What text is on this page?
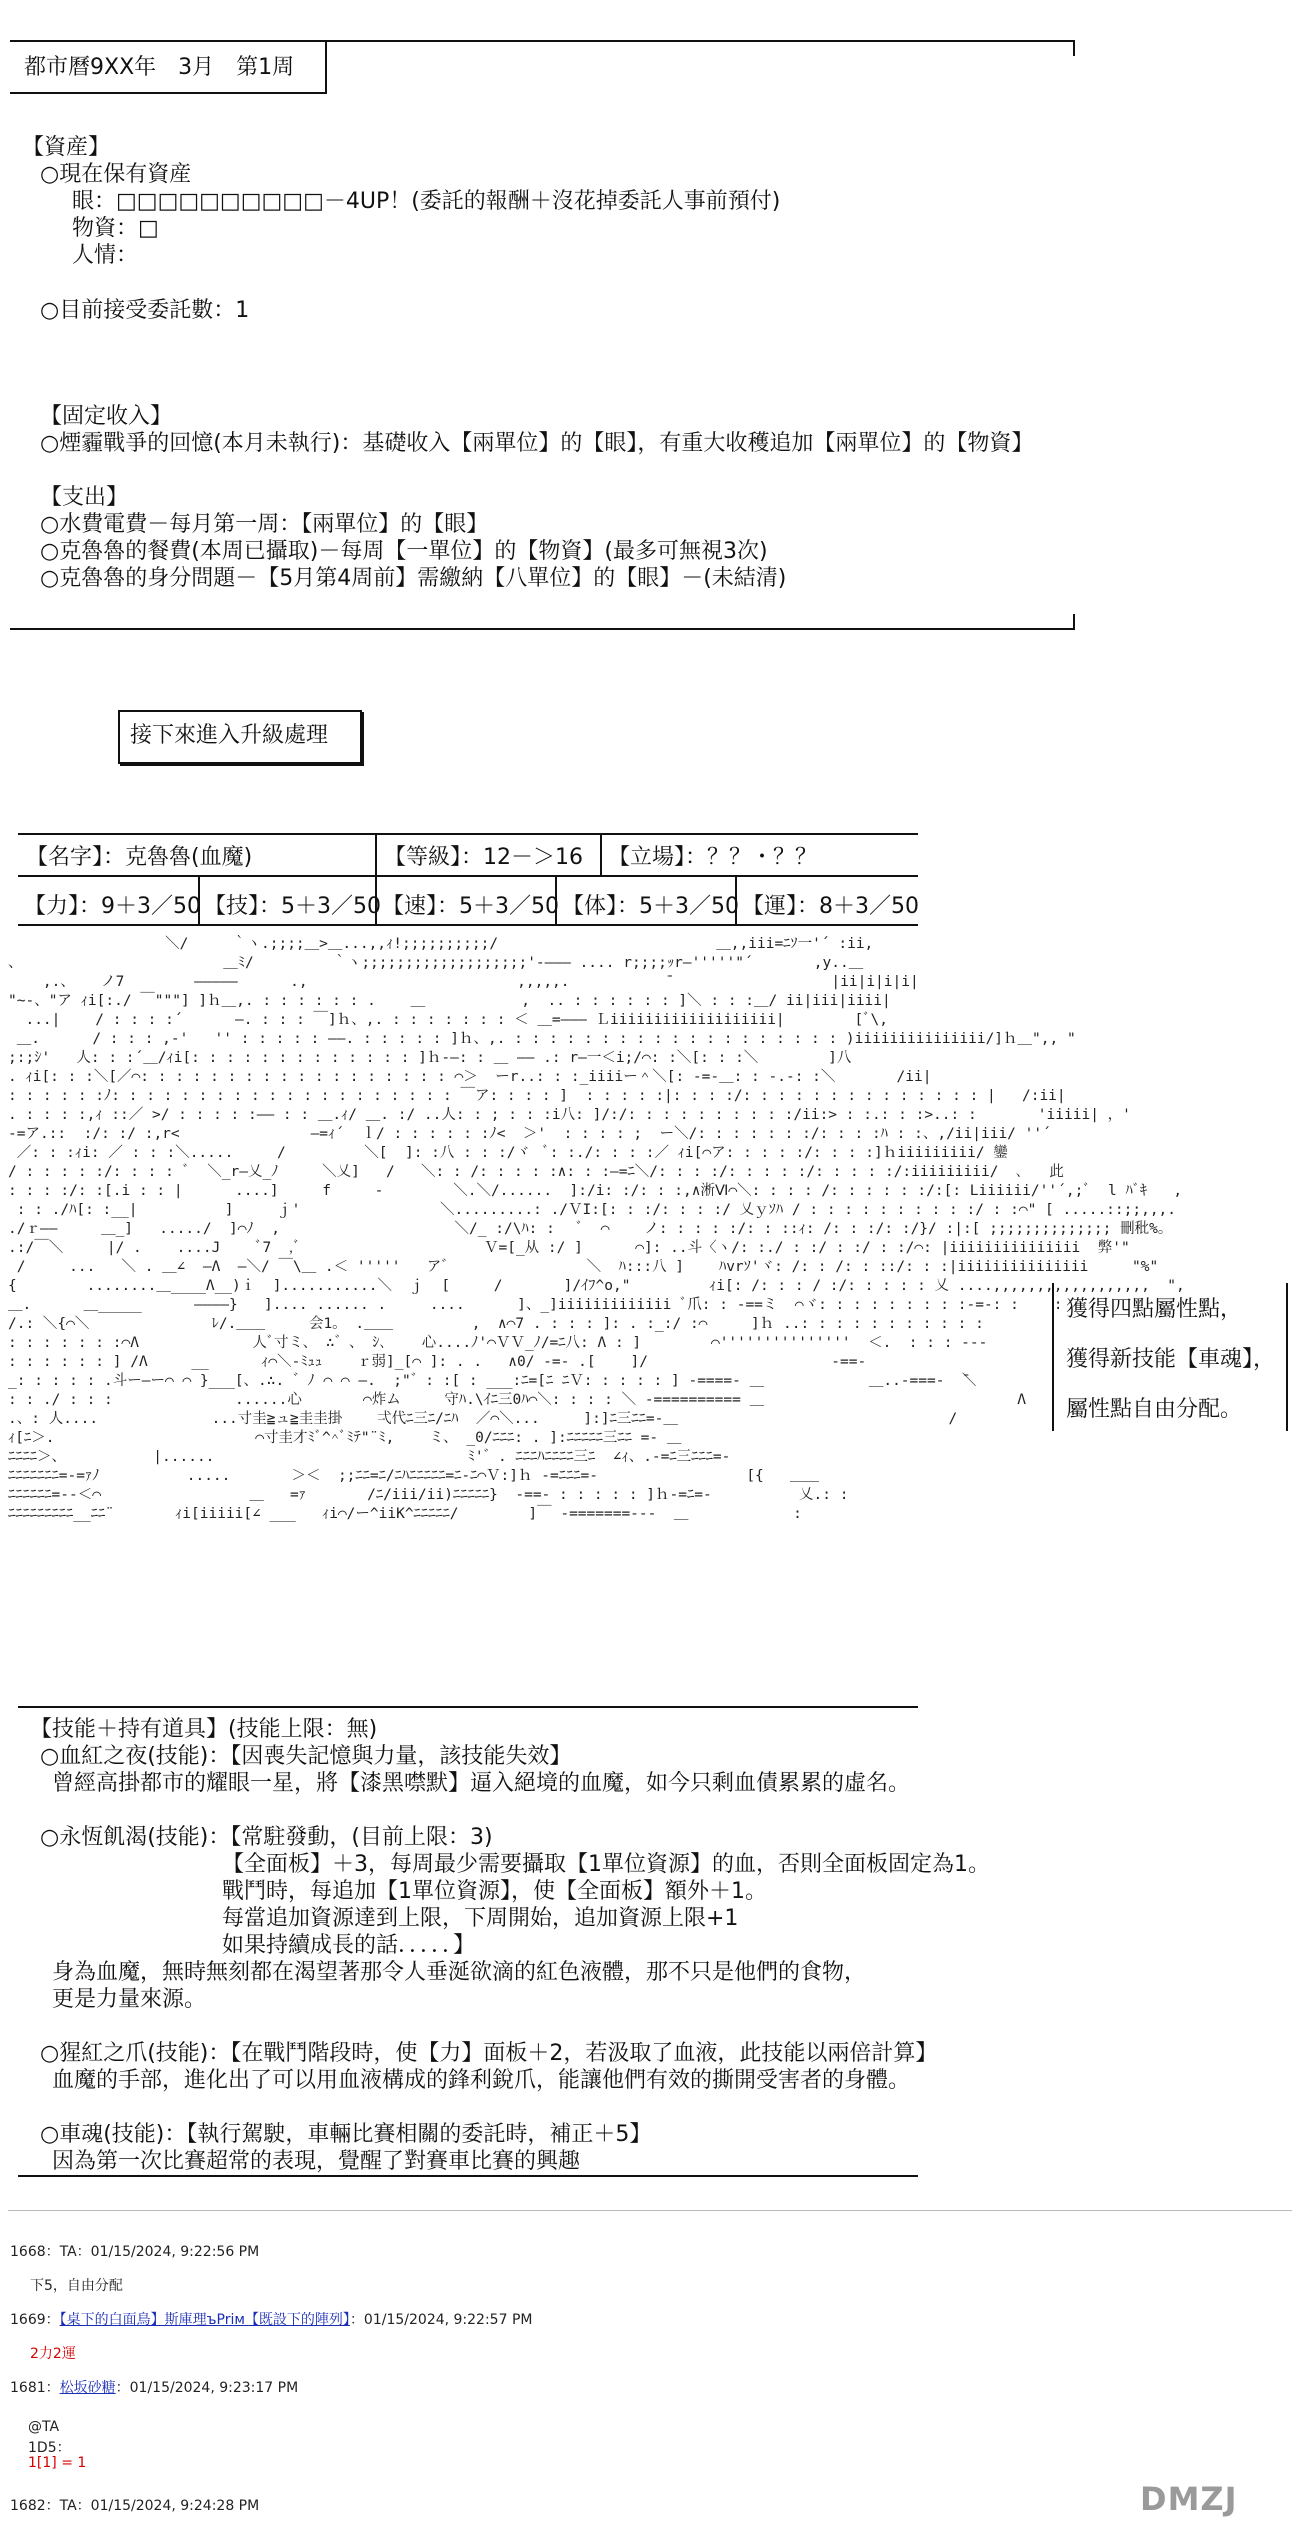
都市曆9XX年　3月　第1周
【資産】
○現在保有資産
眼：□□□□□□□□□□－4UP！(委託的報酬＋沒花掉委託人事前預付)
物資：□
人情：
○目前接受委託數：1
【固定收入】
○煙霾戰爭的回憶(本月未執行)：基礎收入【兩單位】的【眼】，有重大收穫追加【兩單位】的【物資】
【支出】
○水費電費－每月第一周：【兩單位】的【眼】
○克魯魯的餐費(本周已攝取)－每周【一單位】的【物資】(最多可無視3次)
○克魯魯的身分問題－【5月第4周前】需繳納【八單位】的【眼】－(未結清)
接下來進入升級處理
【名字】：克魯魯(血魔)	【等級】：12－＞16 【立場】：？？・？？
【力】：9＋3／50 【技】：5＋3／50 【速】：5＋3／50 【体】：5＋3／50 【運】：8＋3／50
＼/     ｀ヽ.;;;;＿>＿...,,ｨ!;;;;;;;;;;/                         ＿,,iii=ﾆｿ一'´ :ii,
、                       ＿ﾐ/         ｀ヽ;;;;;;;;;;;;;;;;;;;'-――― .... r;;;;ｯr―'''''"´       ,y..＿
,.、   ノ7        ―――――      .,                        ,,,,,.           ̄                   |ii|i|i|i|
"~-、"ア ｨi[:./ ￣"""] ]ｈ＿,. : : : : : : .    ＿           ,  .. : : : : : : ]＼ : : :＿/ ii|iii|iiii|
...|    / : : : :´      ―. : : : ￣]ｈ、,. : : : : : : : ＜ ＿=――― Ｌiiiiiiiiiiiiiiiiiii|        [ﾞ\,
＿.      / : : : ,-'   '' : : : : : ――. : : : : : ]ｈ、,. : : : : : : : : : : : : : : : : : : : )iiiiiiiiiiiiiii/]ｈ＿",, "
;:;ｼ'   人: : :´＿/ｨi[: : : : : : : : : : : : : ]ｈ-―: : ＿ ―― .: r―一＜i;/⌒: :＼[: : :＼        ]八
. ｨi[: : :＼[／⌒: : : : : : : : : : : : : : : : : : ⌒＞  ーr..: : :_iiiiー＾＼[: -=-＿: : -.-: :＼       /ii|
: : : : : :ﾉ: : : : : : : : : : : : : : : : : : : : ￣ア: : : : ]  : : : : :|: : : :/: : : : : : : : : : : : : : |   /:ii|
. : : : :,ｨ ::／ >/ : : : : :―― : : ＿.ｨ/ ＿. :/ ..人: : ; : : :i八: ]/:/: : : : : : : : : :/ii:> : :.: : :>..: :       'iiiii| ，'
-=ア.::  :/: :/ :,r<               ―=ｨ´  ｌ/ : : : : : :ﾉ<  ＞'  : : : : ;  ー＼/: : : : : : :/: : : :ﾊ : :、,/ii|iii/ ''´
／: : :ｨi: ／ : : :＼.....     /         ＼[  ]: :八 : : :/ヾ  ﾞ: :./: : : :／ ｨi[⌒ア: : : : :/: : : :]ｈiiiiiiiii/ 鑾
/ : : : : :/: : : : ﾞ  ＼_r―乂_ﾉ     ＼乂]   /   ＼: : /: : : : :∧: : :―=ﾆ＼/: : : :/: : : : :/: : : : :/:iiiiiiiii/  ､   此
: : : :/: :[.i : : |      ....]     f     ‐        ＼.＼/......  ]:/i: :/: : :,∧淅Ⅵ⌒＼: : : : /: : : : : :/:[: Liiiiii/''´,;ﾞ  l ﾊﾞｷ   ,
: : ./ﾊ[: :__|          ]     ｊ'                ＼.........: ./ＶI:[: : :/: : : :/ 乂ｙｿﾊ / : : : : : : : : : :/ : :⌒" [ .....::;;,,,.
./ｒ――     ＿_]   ...../  ]⌒ﾉ  ,                    ＼/_ :/\ﾊ: :   ﾞ  ⌒    ノ: : : : :/: : ::ｨ: /: : :/: :/}/ :|:[ ;;;;;;;;;;;;;; 刪秕%。
.:/￣＼     |/ .    ....J    ﾞ7  ,ﾞ                     Ｖ=[_从 :/ ]      ⌒]: ..斗〈ヽ/: :./ : :/ : :/ : :/⌒: |iiiiiiiiiiiiiii  弊'"
/     ...   ＼ . ＿∠  ―Λ  ―＼/ ￣\＿ .＜ '''''   ア゛               ＼  ﾊ:::八 ]    ﾊvrｿ'ヾ: /: : /: : ::/: : :|iiiiiiiiiiiiiii     "%"
{        ........＿____Λ__)ｉ  ]...........＼  ｊ  [     /       ]/ｲﾌ^o,"         ｨi[: /: : : / :/: : : : : 乂 ....,,,,,,,,,,,,,,,,,,  ",
＿.      ＿_____      ――――}   ].... ...... .     ....      ]、_]iiiiiiiiiiiii ﾞ爪: : -==ミ  ⌒ヾ: : : : : : : : :-=-: :    :
/.: ＼{⌒＼              ﾚ/.＿＿     会1。 .＿＿         ,  ∧⌒7 . : : : ]: . :_:/ :⌒     ]ｈ ..: : : : : : : : : : :
: : : : : : :⌒Λ             人ﾞ寸ミ、 ∴゛、 ｼ､    心....ﾉ'⌒ＶＶ_ﾉ/=ﾆ八: Λ : ]        ⌒'''''''''''''''  ＜.  : : : ---
: : : : : : ] /Λ     __      ｨ⌒＼-ﾐｭｭ    ｒ弱]_[⌒ ]: . .   ∧0/ -=- .[    ]/                     -==-
_: : : : : .斗ー―ー⌒ ⌒ }___[、.∴. ゛ﾉ ⌒ ⌒ ―.  ;"゛: :[ : ___:ﾆ=[ﾆ ﾆＶ: : : : : ] -====- ＿            ＿..-===-  ̄＼
: : ./ : : :              ......心       ⌒炸ム     守ﾊ.\ｲﾆ三0ﾊ⌒＼: : : : ＼ -========== ＿                             Λ
.、: 人....             ...寸圭≧ュ≧圭圭掛    弌代ﾆ三ﾆ/ﾆﾊ  ／⌒＼...     ]:]ﾆ三ﾆﾆ=-＿                               /
ｨ[ﾆ＞.                       ⌒寸圭才ﾐﾞ^^ﾞﾐﾃ"¨ﾐ,    ミ、 _0/ﾆﾆﾆ: . ]:ﾆﾆﾆﾆﾆ三ﾆﾆ =- ＿
ﾆﾆﾆﾆ＞、          |......                             ﾐ'゛. ﾆﾆﾆﾊﾆﾆﾆﾆ三ﾆ  ∠ｨ、.-=ﾆ三ﾆﾆﾆ=-
ﾆﾆﾆﾆﾆﾆﾆ=-=ｧﾉ          .....       ＞＜  ;;ﾆﾆ=ﾆ/ﾆﾊﾆﾆﾆﾆﾆ=ﾆ-ﾆ⌒Ｖ:]ｈ -=ﾆﾆﾆ=-                 [{   ＿＿
ﾆﾆﾆﾆﾆﾆ=--＜⌒                 ＿   =ｧ       /ﾆ/iii/ii)ﾆﾆﾆﾆﾆ}  -==- : : : : : ]ｈ-=ﾆ=-          乂.: :
ﾆﾆﾆﾆﾆﾆﾆﾆﾆ__ﾆﾆ¨       ｨi[iiiii[∠ ___   ｨi⌒/ー^iiK^ﾆﾆﾆﾆﾆ/        ]￣ -=======---  ＿            :
獲得四點屬性點，
獲得新技能【車魂】，
屬性點自由分配。
【技能＋持有道具】(技能上限：無)
○血紅之夜(技能)：【因喪失記憶與力量，該技能失效】
曾經高掛都市的耀眼一星，將【漆黑噤默】逼入絕境的血魔，如今只剩血債累累的虛名。
○永恆飢渴(技能)：【常駐發動，(目前上限：3)
【全面板】＋3，每周最少需要攝取【1單位資源】的血，否則全面板固定為1。
戰鬥時，每追加【1單位資源】，使【全面板】額外＋1。
每當追加資源達到上限，下周開始，追加資源上限+1
如果持續成長的話．．．．．】
身為血魔，無時無刻都在渴望著那令人垂涎欲滴的紅色液體，那不只是他們的食物，
更是力量來源。
○猩紅之爪(技能)：【在戰鬥階段時，使【力】面板＋2，若汲取了血液，此技能以兩倍計算】
血魔的手部，進化出了可以用血液構成的鋒利銳爪，能讓他們有效的撕開受害者的身體。
○車魂(技能)：【執行駕駛，車輛比賽相關的委託時，補正＋5】
因為第一次比賽超常的表現，覺醒了對賽車比賽的興趣
1668：TA：01/15/2024, 9:22:56 PM
下5，自由分配
1669：【桌下的白面鳥】斯庫理ъPriм【既設下的陣列】：01/15/2024, 9:22:57 PM
2力2運
1681：松坂砂糖：01/15/2024, 9:23:17 PM
@TA
1D5：
1[1] = 1
1682：TA：01/15/2024, 9:24:28 PM	DMZJ
